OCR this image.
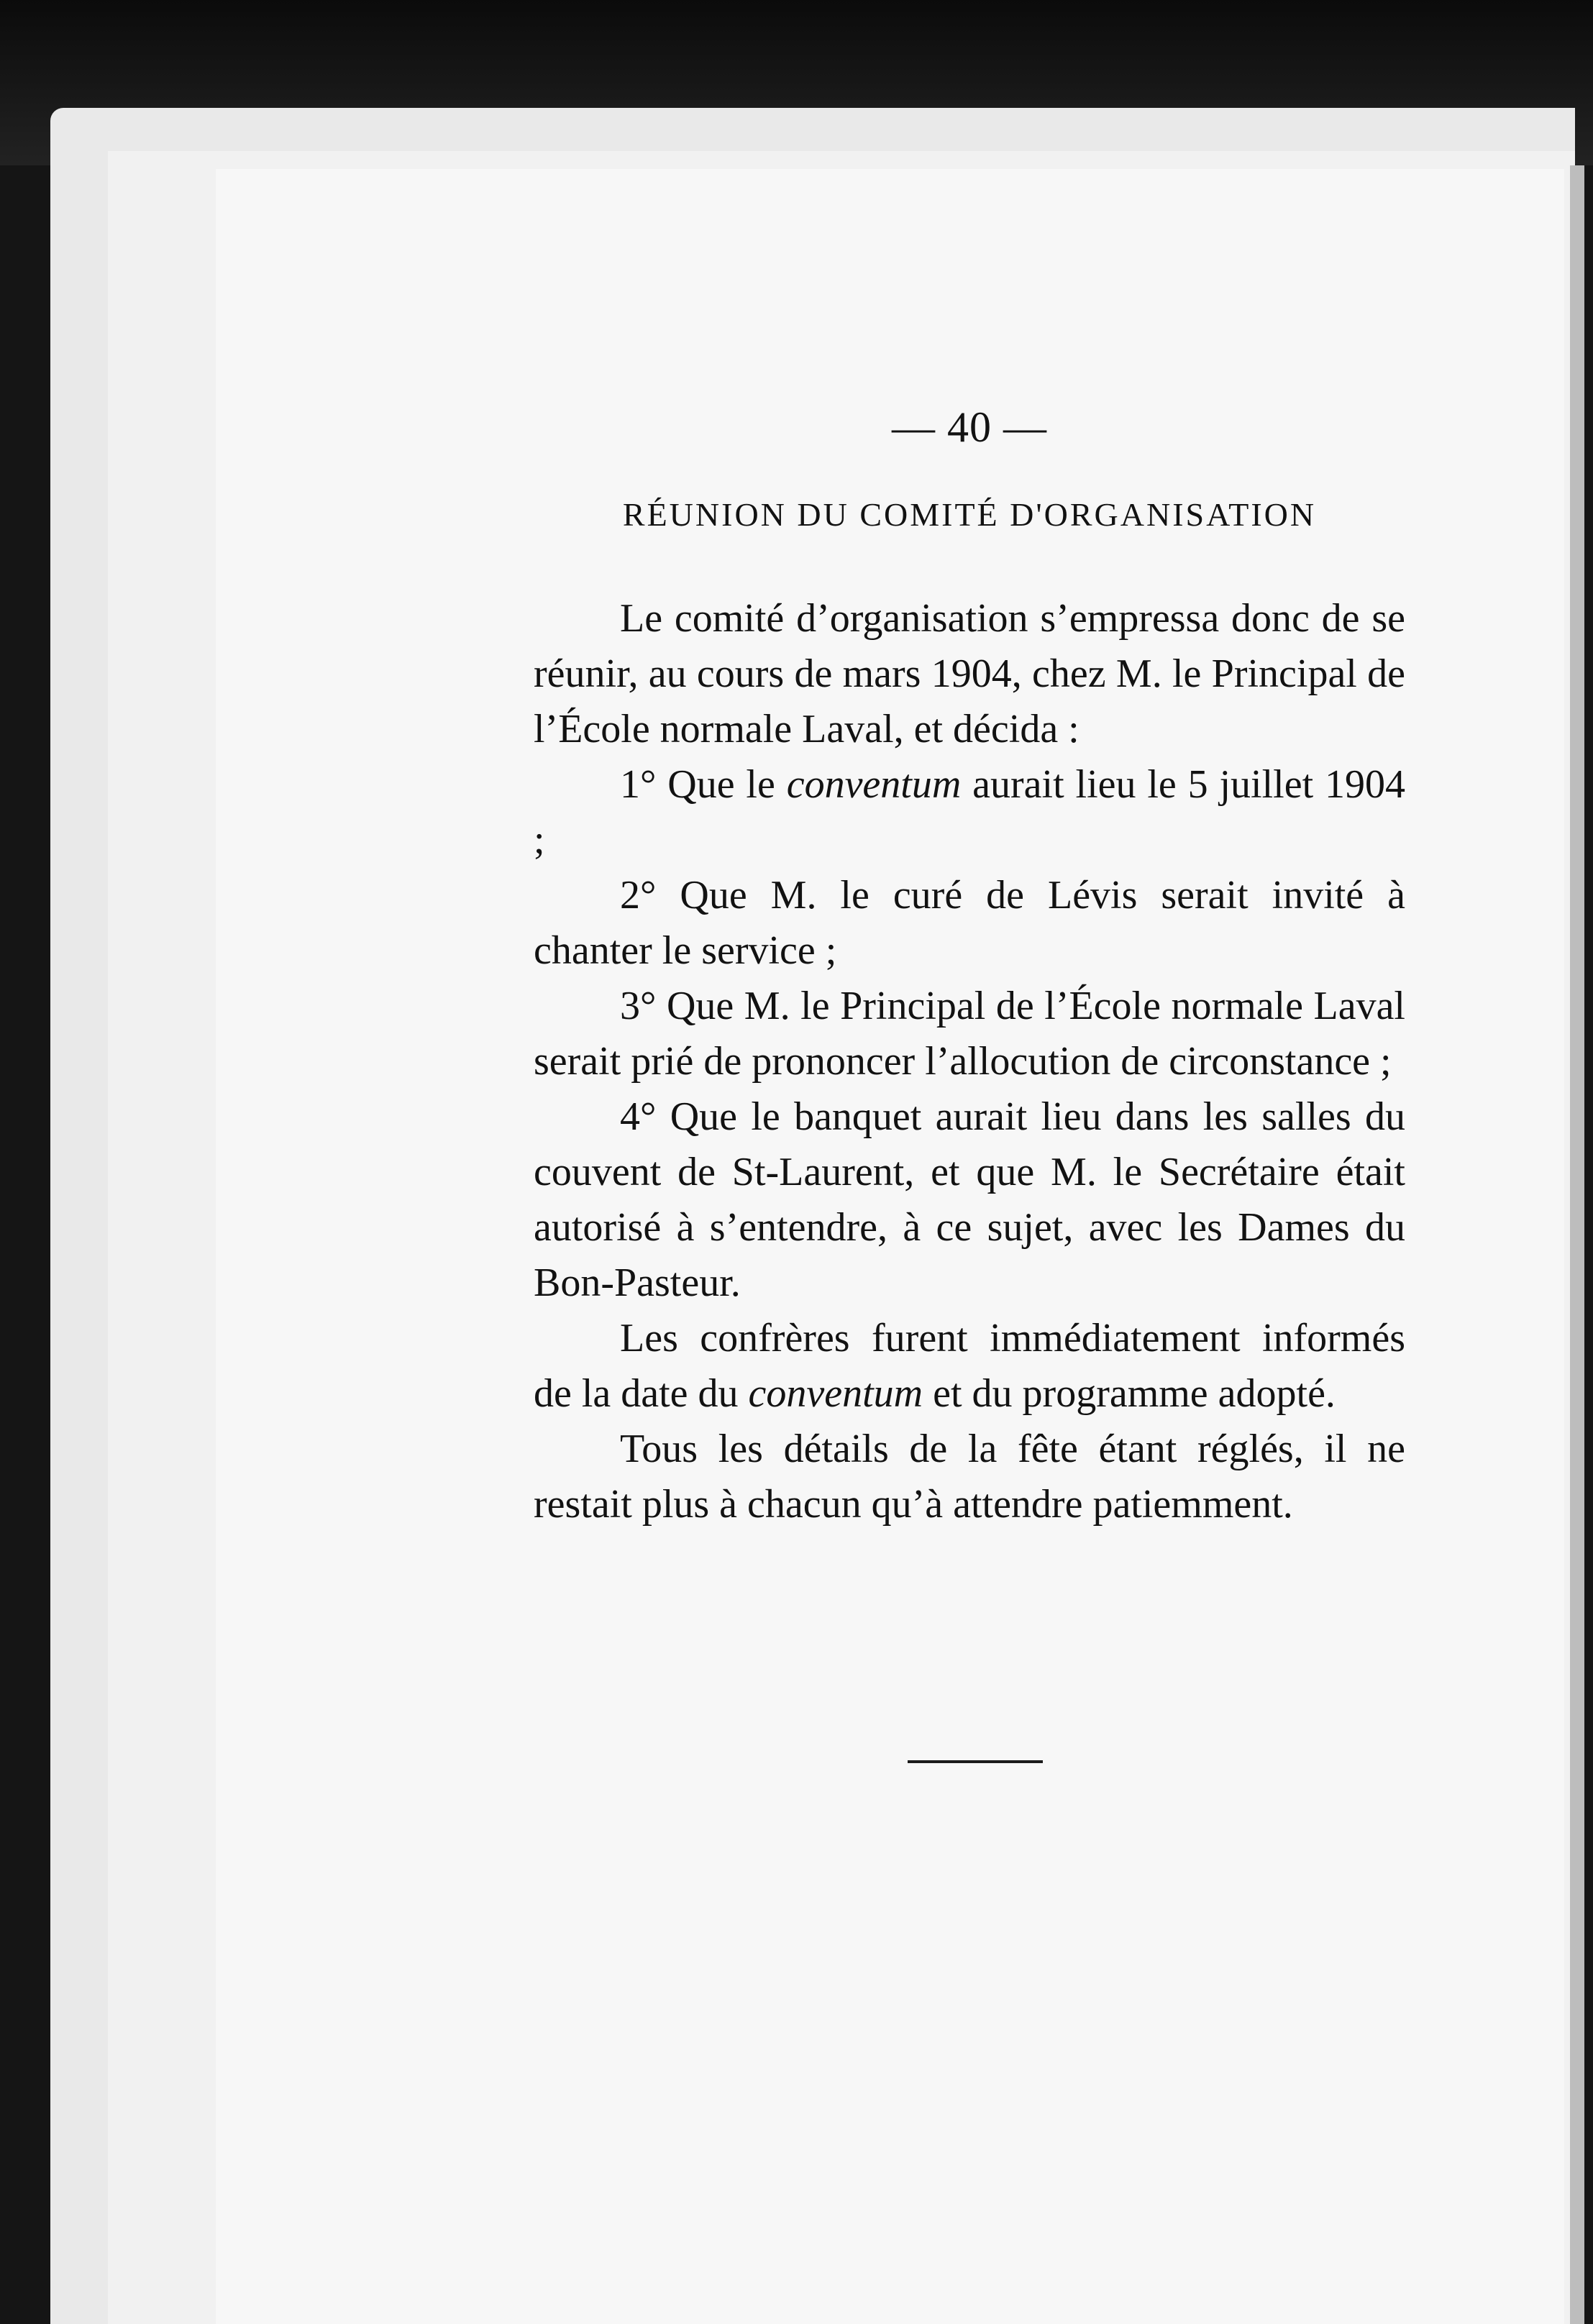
— 40 —

RÉUNION DU COMITÉ D'ORGANISATION

Le comité d’organisation s’empressa donc de se réunir, au cours de mars 1904, chez M. le Principal de l’École normale Laval, et décida :

1° Que le conventum aurait lieu le 5 juillet 1904 ;

2° Que M. le curé de Lévis serait invité à chanter le service ;

3° Que M. le Principal de l’École normale Laval serait prié de prononcer l’allocution de circonstance ;

4° Que le banquet aurait lieu dans les salles du couvent de St-Laurent, et que M. le Secrétaire était autorisé à s’entendre, à ce sujet, avec les Dames du Bon-Pasteur.

Les confrères furent immédiatement informés de la date du conventum et du programme adopté.

Tous les détails de la fête étant réglés, il ne restait plus à chacun qu’à attendre patiemment.
